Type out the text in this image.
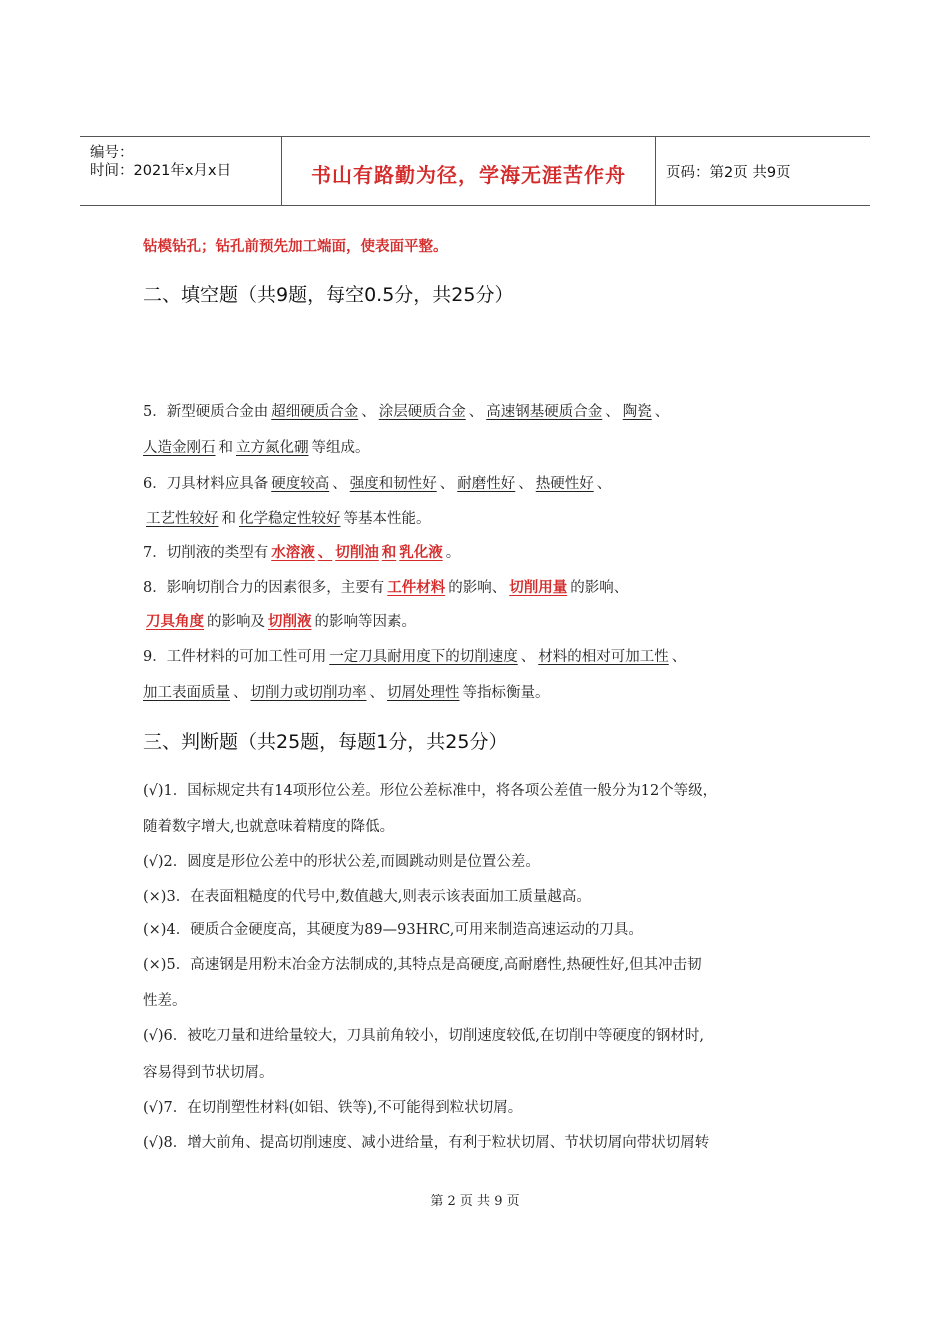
编号：
时间：2021年x月x日	书山有路勤为径，学海无涯苦作舟	页码：第2页 共9页
钻模钻孔；钻孔前预先加工端面，使表面平整。
二、填空题（共9题，每空0.5分，共25分）
5．新型硬质合金由 超细硬质合金 、 涂层硬质合金 、 高速钢基硬质合金 、 陶瓷 、
人造金刚石 和 立方氮化硼 等组成。
6．刀具材料应具备 硬度较高 、 强度和韧性好 、 耐磨性好 、 热硬性好 、
工艺性较好 和 化学稳定性较好 等基本性能。
7．切削液的类型有 水溶液 、 切削油 和 乳化液 。
8．影响切削合力的因素很多，主要有 工件材料 的影响、 切削用量 的影响、
刀具角度 的影响及 切削液 的影响等因素。
9．工件材料的可加工性可用 一定刀具耐用度下的切削速度 、 材料的相对可加工性 、
加工表面质量 、 切削力或切削功率 、 切屑处理性 等指标衡量。
三、判断题（共25题，每题1分，共25分）
(√)1．国标规定共有14项形位公差。形位公差标准中，将各项公差值一般分为12个等级，
随着数字增大,也就意味着精度的降低。
(√)2．圆度是形位公差中的形状公差,而圆跳动则是位置公差。
(×)3．在表面粗糙度的代号中,数值越大,则表示该表面加工质量越高。
(×)4．硬质合金硬度高，其硬度为89—93HRC,可用来制造高速运动的刀具。
(×)5．高速钢是用粉末冶金方法制成的,其特点是高硬度,高耐磨性,热硬性好,但其冲击韧
性差。
(√)6．被吃刀量和进给量较大，刀具前角较小，切削速度较低,在切削中等硬度的钢材时,
容易得到节状切屑。
(√)7．在切削塑性材料(如铝、铁等),不可能得到粒状切屑。
(√)8．增大前角、提高切削速度、减小进给量，有利于粒状切屑、节状切屑向带状切屑转
第 2 页 共 9 页
